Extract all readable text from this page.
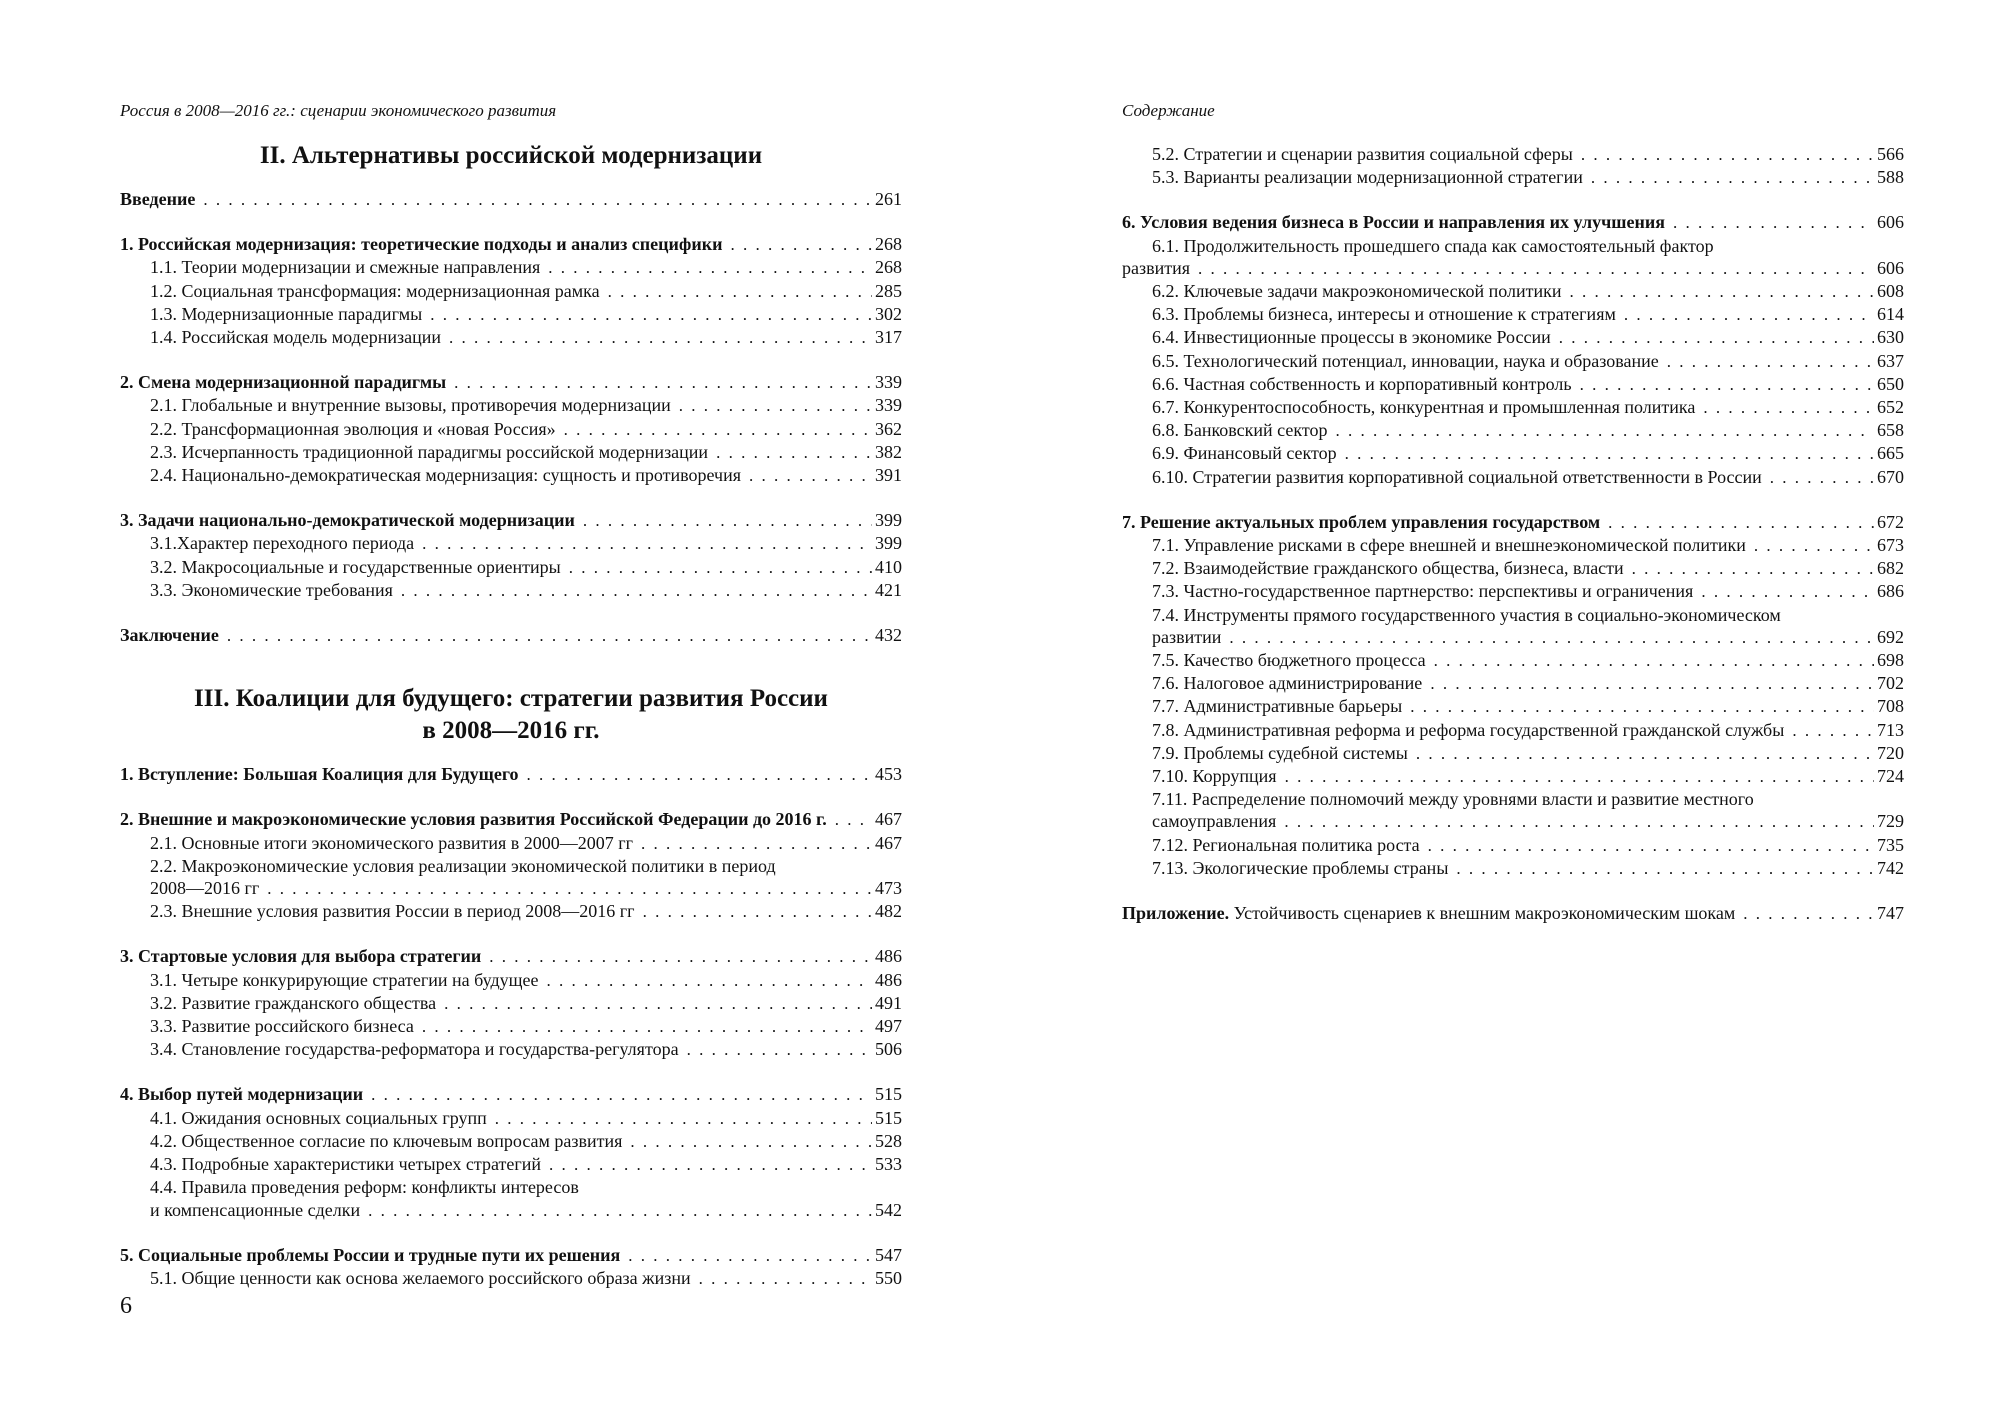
Россия в 2008—2016 гг.: сценарии экономического развития
II. Альтернативы российской модернизации
Введение . . .	261
1. Российская модернизация: теоретические подходы и анализ специфики . . .	268
1.1. Теории модернизации и смежные направления . . .	268
1.2. Социальная трансформация: модернизационная рамка . . .	285
1.3. Модернизационные парадигмы . . .	302
1.4. Российская модель модернизации . . .	317
2. Смена модернизационной парадигмы . . .	339
2.1. Глобальные и внутренние вызовы, противоречия модернизации . . .	339
2.2. Трансформационная эволюция и «новая Россия» . . .	362
2.3. Исчерпанность традиционной парадигмы российской модернизации . . .	382
2.4. Национально-демократическая модернизация: сущность и противоречия . . .	391
3. Задачи национально-демократической модернизации . . .	399
3.1.Характер переходного периода . . .	399
3.2. Макросоциальные и государственные ориентиры . . .	410
3.3. Экономические требования . . .	421
Заключение . . .	432
III. Коалиции для будущего: стратегии развития России
в 2008—2016 гг.
1. Вступление: Большая Коалиция для Будущего . . .	453
2. Внешние и макроэкономические условия развития Российской Федерации до 2016 г. . . .	467
2.1. Основные итоги экономического развития в 2000—2007 гг . . .	467
2.2. Макроэкономические условия реализации экономической политики в период
2008—2016 гг . . .	473
2.3. Внешние условия развития России в период 2008—2016 гг . . .	482
3. Стартовые условия для выбора стратегии . . .	486
3.1. Четыре конкурирующие стратегии на будущее . . .	486
3.2. Развитие гражданского общества . . .	491
3.3. Развитие российского бизнеса . . .	497
3.4. Становление государства-реформатора и государства-регулятора . . .	506
4. Выбор путей модернизации . . .	515
4.1. Ожидания основных социальных групп . . .	515
4.2. Общественное согласие по ключевым вопросам развития . . .	528
4.3. Подробные характеристики четырех стратегий . . .	533
4.4. Правила проведения реформ: конфликты интересов
и компенсационные сделки . . .	542
5. Социальные проблемы России и трудные пути их решения . . .	547
5.1. Общие ценности как основа желаемого российского образа жизни . . .	550
6
Содержание
5.2. Стратегии и сценарии развития социальной сферы . . .	566
5.3. Варианты реализации модернизационной стратегии . . .	588
6. Условия ведения бизнеса в России и направления их улучшения . . .	606
6.1. Продолжительность прошедшего спада как самостоятельный фактор
развития . . .	606
6.2. Ключевые задачи макроэкономической политики . . .	608
6.3. Проблемы бизнеса, интересы и отношение к стратегиям . . .	614
6.4. Инвестиционные процессы в экономике России . . .	630
6.5. Технологический потенциал, инновации, наука и образование . . .	637
6.6. Частная собственность и корпоративный контроль . . .	650
6.7. Конкурентоспособность, конкурентная и промышленная политика . . .	652
6.8. Банковский сектор . . .	658
6.9. Финансовый сектор . . .	665
6.10. Стратегии развития корпоративной социальной ответственности в России . . .	670
7. Решение актуальных проблем управления государством . . .	672
7.1. Управление рисками в сфере внешней и внешнеэкономической политики . . .	673
7.2. Взаимодействие гражданского общества, бизнеса, власти . . .	682
7.3. Частно-государственное партнерство: перспективы и ограничения . . .	686
7.4. Инструменты прямого государственного участия в социально-экономическом
развитии . . .	692
7.5. Качество бюджетного процесса . . .	698
7.6. Налоговое администрирование . . .	702
7.7. Административные барьеры . . .	708
7.8. Административная реформа и реформа государственной гражданской службы . . .	713
7.9. Проблемы судебной системы . . .	720
7.10. Коррупция . . .	724
7.11. Распределение полномочий между уровнями власти и развитие местного
самоуправления . . .	729
7.12. Региональная политика роста . . .	735
7.13. Экологические проблемы страны . . .	742
Приложение. Устойчивость сценариев к внешним макроэкономическим шокам . . .	747
